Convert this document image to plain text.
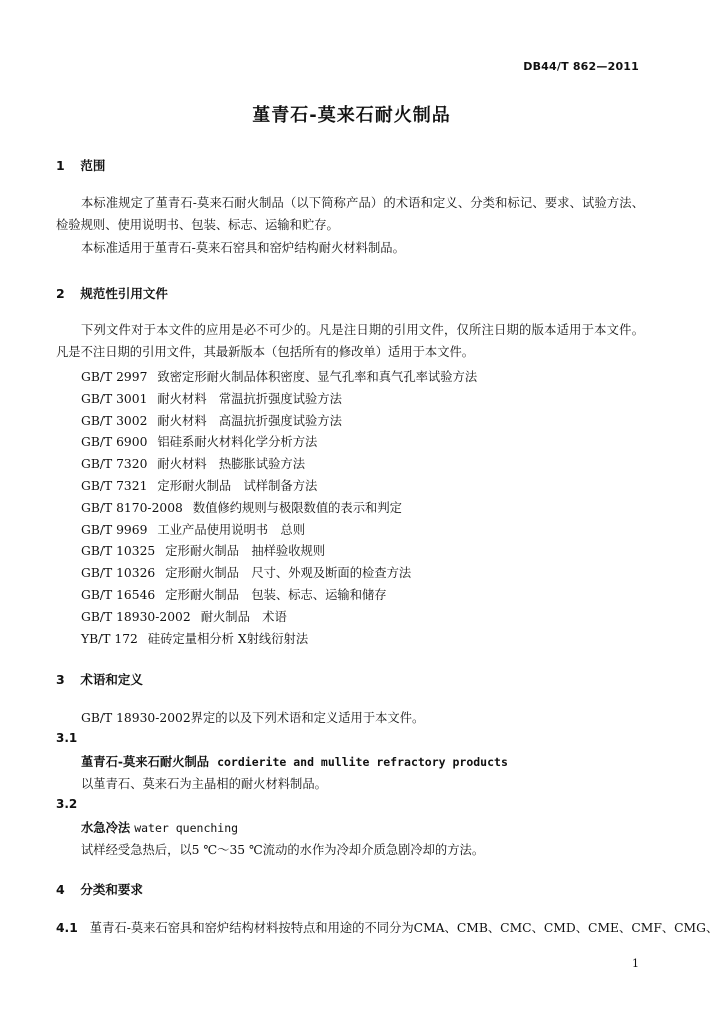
DB44/T 862—2011
堇青石-莫来石耐火制品
1 范围

本标准规定了堇青石-莫来石耐火制品（以下简称产品）的术语和定义、分类和标记、要求、试验方法、检验规则、使用说明书、包装、标志、运输和贮存。

本标准适用于堇青石-莫来石窑具和窑炉结构耐火材料制品。
2 规范性引用文件

下列文件对于本文件的应用是必不可少的。凡是注日期的引用文件，仅所注日期的版本适用于本文件。凡是不注日期的引用文件，其最新版本（包括所有的修改单）适用于本文件。

GB/T 2997 致密定形耐火制品体积密度、显气孔率和真气孔率试验方法
GB/T 3001 耐火材料　常温抗折强度试验方法
GB/T 3002 耐火材料　高温抗折强度试验方法
GB/T 6900 铝硅系耐火材料化学分析方法
GB/T 7320 耐火材料　热膨胀试验方法
GB/T 7321 定形耐火制品　试样制备方法
GB/T 8170-2008 数值修约规则与极限数值的表示和判定
GB/T 9969 工业产品使用说明书　总则
GB/T 10325 定形耐火制品　抽样验收规则
GB/T 10326 定形耐火制品　尺寸、外观及断面的检查方法
GB/T 16546 定形耐火制品　包装、标志、运输和储存
GB/T 18930-2002 耐火制品　术语
YB/T 172 硅砖定量相分析 X射线衍射法
3 术语和定义
GB/T 18930-2002界定的以及下列术语和定义适用于本文件。
3.1
堇青石-莫来石耐火制品 cordierite and mullite refractory products
以堇青石、莫来石为主晶相的耐火材料制品。
3.2
水急冷法 water quenching
试样经受急热后，以5 ℃～35 ℃流动的水作为冷却介质急剧冷却的方法。
4 分类和要求
4.1 堇青石-莫来石窑具和窑炉结构材料按特点和用途的不同分为CMA、CMB、CMC、CMD、CME、CMF、CMG、
1
